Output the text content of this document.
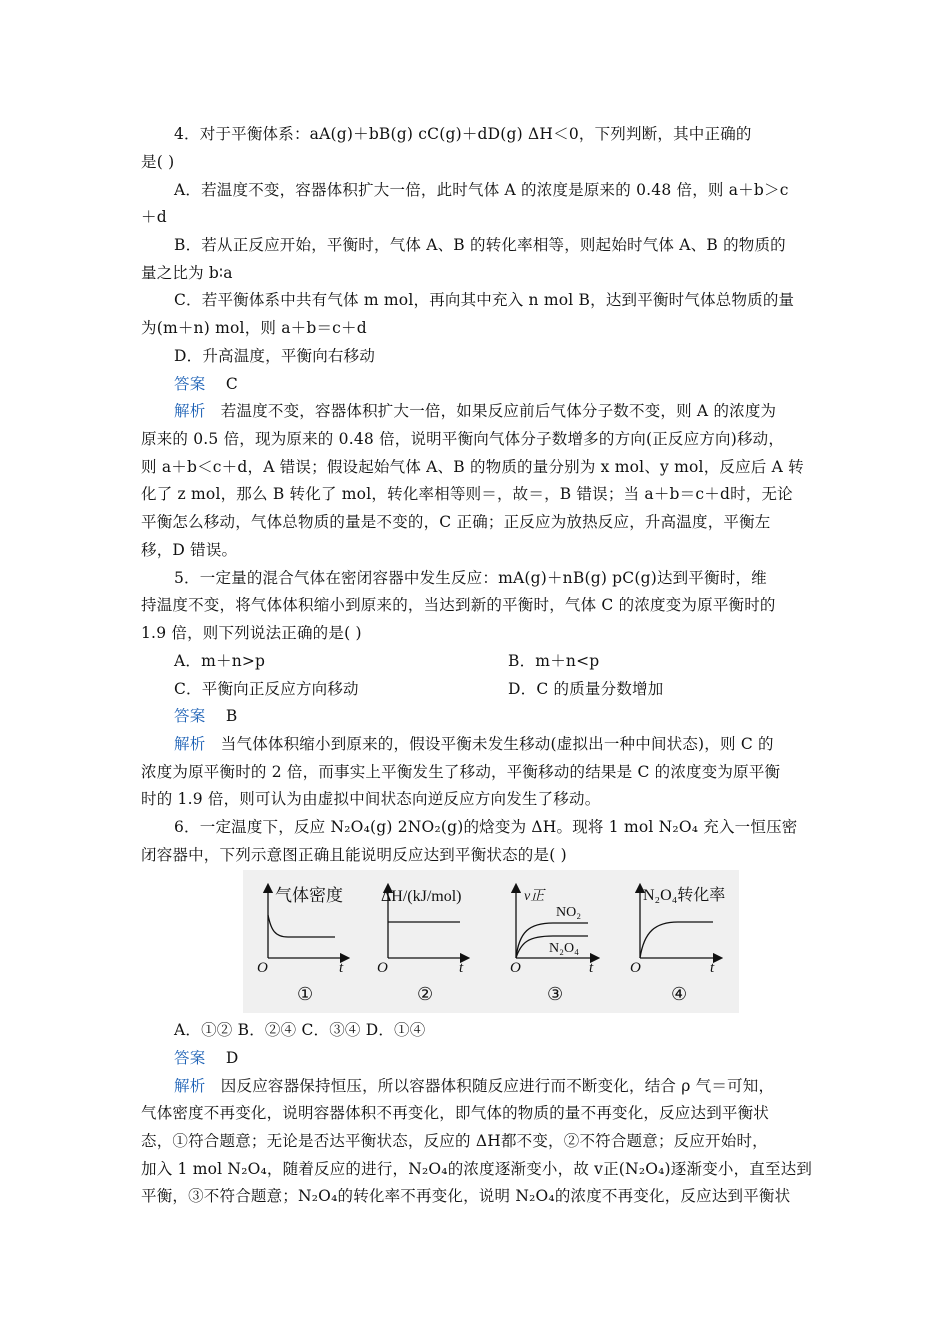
4．对于平衡体系：aA(g)＋bB(g) cC(g)＋dD(g) ΔH＜0，下列判断，其中正确的
是( )
A．若温度不变，容器体积扩大一倍，此时气体 A 的浓度是原来的 0.48 倍，则 a＋b＞c
＋d
B．若从正反应开始，平衡时，气体 A、B 的转化率相等，则起始时气体 A、B 的物质的
量之比为 b∶a
C．若平衡体系中共有气体 m mol，再向其中充入 n mol B，达到平衡时气体总物质的量
为(m＋n) mol，则 a＋b＝c＋d
D．升高温度，平衡向右移动
答案 C
解析 若温度不变，容器体积扩大一倍，如果反应前后气体分子数不变，则 A 的浓度为
原来的 0.5 倍，现为原来的 0.48 倍，说明平衡向气体分子数增多的方向(正反应方向)移动，
则 a＋b＜c＋d，A 错误；假设起始气体 A、B 的物质的量分别为 x mol、y mol，反应后 A 转
化了 z mol，那么 B 转化了 mol，转化率相等则＝，故＝，B 错误；当 a＋b＝c＋d时，无论
平衡怎么移动，气体总物质的量是不变的，C 正确；正反应为放热反应，升高温度，平衡左
移，D 错误。
5．一定量的混合气体在密闭容器中发生反应：mA(g)＋nB(g) pC(g)达到平衡时，维
持温度不变，将气体体积缩小到原来的，当达到新的平衡时，气体 C 的浓度变为原平衡时的
1.9 倍，则下列说法正确的是( )
A．m＋n>p	B．m＋n<p
C．平衡向正反应方向移动	D．C 的质量分数增加
答案 B
解析 当气体体积缩小到原来的，假设平衡未发生移动(虚拟出一种中间状态)，则 C 的
浓度为原平衡时的 2 倍，而事实上平衡发生了移动，平衡移动的结果是 C 的浓度变为原平衡
时的 1.9 倍，则可认为由虚拟中间状态向逆反应方向发生了移动。
6．一定温度下，反应 N₂O₄(g) 2NO₂(g)的焓变为 ΔH。现将 1 mol N₂O₄ 充入一恒压密
闭容器中，下列示意图正确且能说明反应达到平衡状态的是( )
气体密度
O	t
①
ΔH/(kJ/mol)
O	t
②
v正
NO₂
N₂O₄
O	t
③
N₂O₄转化率
O	t
④
A．①② B．②④ C．③④ D．①④
答案 D
解析 因反应容器保持恒压，所以容器体积随反应进行而不断变化，结合 ρ 气＝可知，
气体密度不再变化，说明容器体积不再变化，即气体的物质的量不再变化，反应达到平衡状
态，①符合题意；无论是否达平衡状态，反应的 ΔH都不变，②不符合题意；反应开始时，
加入 1 mol N₂O₄，随着反应的进行，N₂O₄的浓度逐渐变小，故 v正(N₂O₄)逐渐变小，直至达到
平衡，③不符合题意；N₂O₄的转化率不再变化，说明 N₂O₄的浓度不再变化，反应达到平衡状
